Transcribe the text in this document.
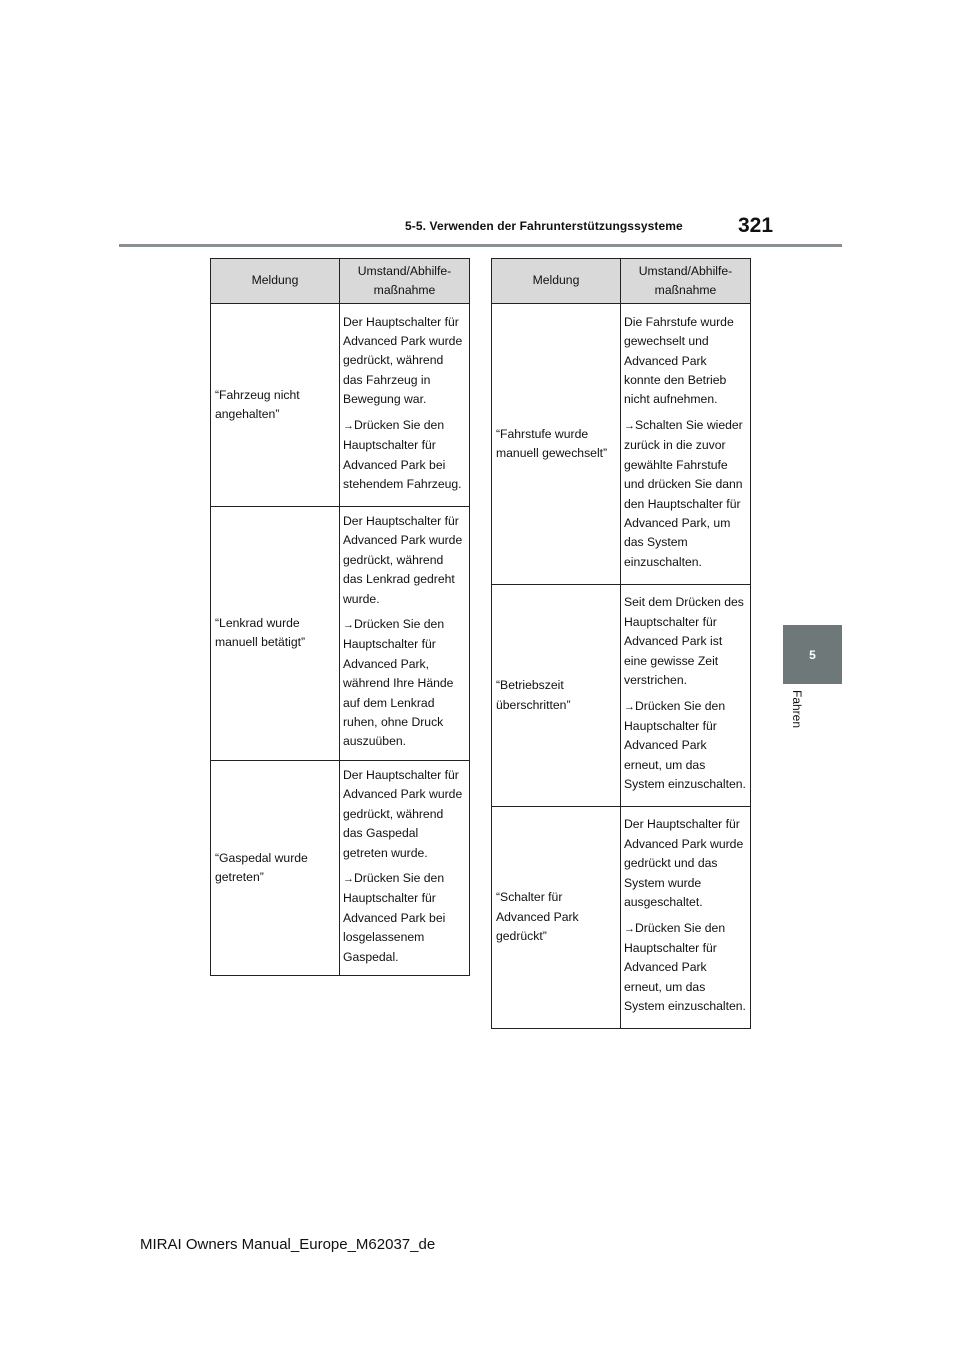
5-5. Verwenden der Fahrunterstützungssysteme	321
5
Fahren
Meldung	Umstand/Abhilfe-maßnahme
“Fahrzeug nicht angehalten”	Der Hauptschalter für Advanced Park wurde gedrückt, während das Fahrzeug in Bewegung war.

→Drücken Sie den Hauptschalter für Advanced Park bei stehendem Fahrzeug.

“Lenkrad wurde manuell betätigt”	Der Hauptschalter für Advanced Park wurde gedrückt, während das Lenkrad gedreht wurde.

→Drücken Sie den Hauptschalter für Advanced Park, während Ihre Hände auf dem Lenkrad ruhen, ohne Druck auszuüben.

“Gaspedal wurde getreten”	Der Hauptschalter für Advanced Park wurde gedrückt, während das Gaspedal getreten wurde.

→Drücken Sie den Hauptschalter für Advanced Park bei losgelassenem Gaspedal.

Meldung	Umstand/Abhilfe-maßnahme
“Fahrstufe wurde manuell gewechselt”	Die Fahrstufe wurde gewechselt und Advanced Park konnte den Betrieb nicht aufnehmen.

→Schalten Sie wieder zurück in die zuvor gewählte Fahrstufe und drücken Sie dann den Hauptschalter für Advanced Park, um das System einzuschalten.

“Betriebszeit überschritten”	Seit dem Drücken des Hauptschalter für Advanced Park ist eine gewisse Zeit verstrichen.

→Drücken Sie den Hauptschalter für Advanced Park erneut, um das System einzuschalten.

“Schalter für Advanced Park gedrückt”	Der Hauptschalter für Advanced Park wurde gedrückt und das System wurde ausgeschaltet.

→Drücken Sie den Hauptschalter für Advanced Park erneut, um das System einzuschalten.

MIRAI Owners Manual_Europe_M62037_de
